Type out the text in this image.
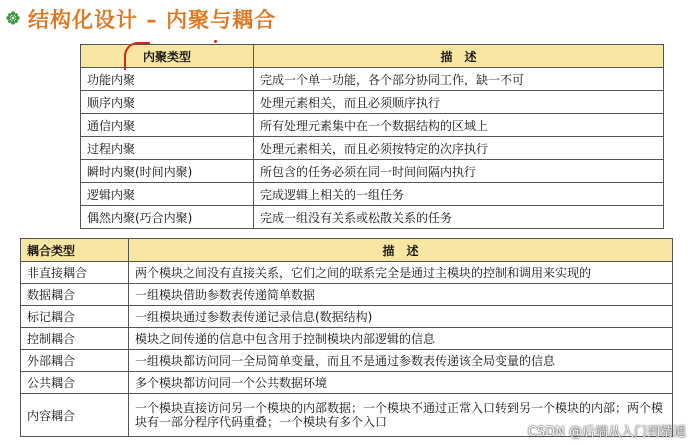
结构化设计 – 内聚与耦合
内聚类型	描　述
功能内聚	完成一个单一功能，各个部分协同工作，缺一不可
顺序内聚	处理元素相关，而且必须顺序执行
通信内聚	所有处理元素集中在一个数据结构的区域上
过程内聚	处理元素相关，而且必须按特定的次序执行
瞬时内聚(时间内聚)	所包含的任务必须在同一时间间隔内执行
逻辑内聚	完成逻辑上相关的一组任务
偶然内聚(巧合内聚)	完成一组没有关系或松散关系的任务
耦合类型	描　述
非直接耦合	两个模块之间没有直接关系，它们之间的联系完全是通过主模块的控制和调用来实现的
数据耦合	一组模块借助参数表传递简单数据
标记耦合	一组模块通过参数表传递记录信息(数据结构)
控制耦合	模块之间传递的信息中包含用于控制模块内部逻辑的信息
外部耦合	一组模块都访问同一全局简单变量，而且不是通过参数表传递该全局变量的信息
公共耦合	多个模块都访问同一个公共数据环境
内容耦合	一个模块直接访问另一个模块的内部数据；一个模块不通过正常入口转到另一个模块的内部；两个模块有一部分程序代码重叠；一个模块有多个入口
CSDN @后端从入门到精通
